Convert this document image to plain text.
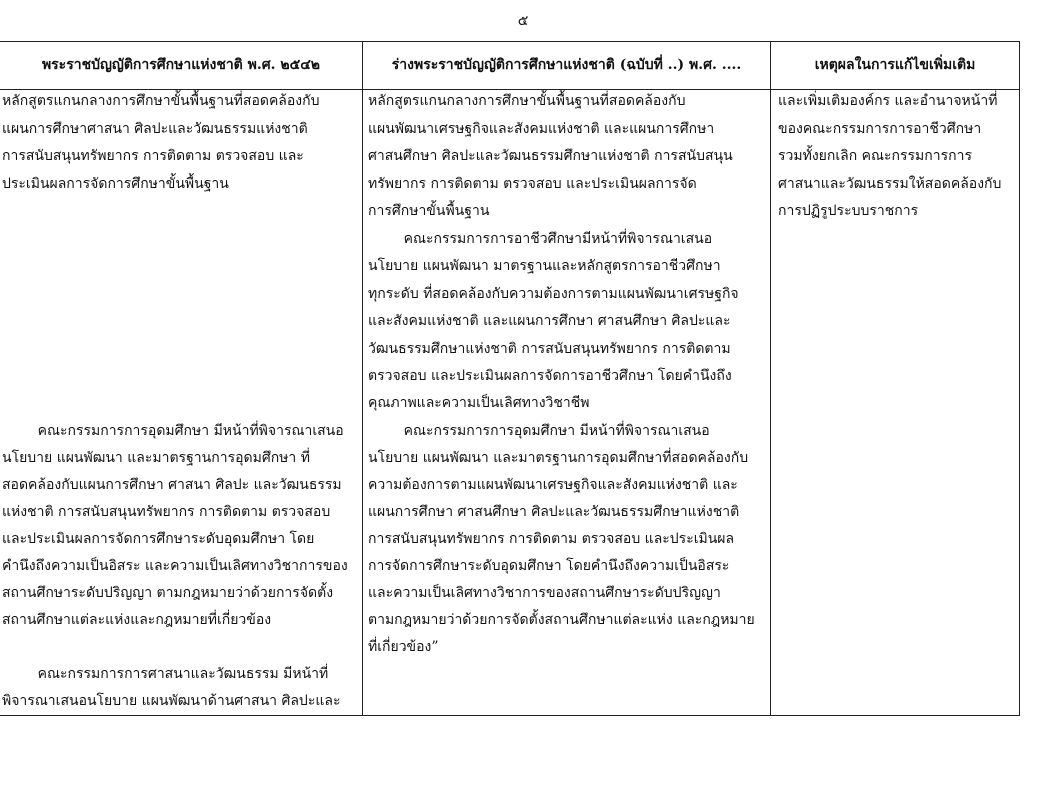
๕
พระราชบัญญัติการศึกษาแห่งชาติ พ.ศ. ๒๕๔๒	ร่างพระราชบัญญัติการศึกษาแห่งชาติ (ฉบับที่ ..) พ.ศ. ....	เหตุผลในการแก้ไขเพิ่มเติม
หลักสูตรแกนกลางการศึกษาขั้นพื้นฐานที่สอดคล้องกับ
แผนการศึกษาศาสนา ศิลปะและวัฒนธรรมแห่งชาติ
การสนับสนุนทรัพยากร การติดตาม ตรวจสอบ และ
ประเมินผลการจัดการศึกษาขั้นพื้นฐาน
คณะกรรมการการอุดมศึกษา มีหน้าที่พิจารณาเสนอ
นโยบาย แผนพัฒนา และมาตรฐานการอุดมศึกษา ที่
สอดคล้องกับแผนการศึกษา ศาสนา ศิลปะ และวัฒนธรรม
แห่งชาติ การสนับสนุนทรัพยากร การติดตาม ตรวจสอบ
และประเมินผลการจัดการศึกษาระดับอุดมศึกษา โดย
คำนึงถึงความเป็นอิสระ และความเป็นเลิศทางวิชาการของ
สถานศึกษาระดับปริญญา ตามกฎหมายว่าด้วยการจัดตั้ง
สถานศึกษาแต่ละแห่งและกฎหมายที่เกี่ยวข้อง
คณะกรรมการการศาสนาและวัฒนธรรม มีหน้าที่
พิจารณาเสนอนโยบาย แผนพัฒนาด้านศาสนา ศิลปะและ
หลักสูตรแกนกลางการศึกษาขั้นพื้นฐานที่สอดคล้องกับ
แผนพัฒนาเศรษฐกิจและสังคมแห่งชาติ และแผนการศึกษา
ศาสนศึกษา ศิลปะและวัฒนธรรมศึกษาแห่งชาติ การสนับสนุน
ทรัพยากร การติดตาม ตรวจสอบ และประเมินผลการจัด
การศึกษาขั้นพื้นฐาน
คณะกรรมการการอาชีวศึกษามีหน้าที่พิจารณาเสนอ
นโยบาย แผนพัฒนา มาตรฐานและหลักสูตรการอาชีวศึกษา
ทุกระดับ ที่สอดคล้องกับความต้องการตามแผนพัฒนาเศรษฐกิจ
และสังคมแห่งชาติ และแผนการศึกษา ศาสนศึกษา ศิลปะและ
วัฒนธรรมศึกษาแห่งชาติ การสนับสนุนทรัพยากร การติดตาม
ตรวจสอบ และประเมินผลการจัดการอาชีวศึกษา โดยคำนึงถึง
คุณภาพและความเป็นเลิศทางวิชาชีพ
คณะกรรมการการอุดมศึกษา มีหน้าที่พิจารณาเสนอ
นโยบาย แผนพัฒนา และมาตรฐานการอุดมศึกษาที่สอดคล้องกับ
ความต้องการตามแผนพัฒนาเศรษฐกิจและสังคมแห่งชาติ และ
แผนการศึกษา ศาสนศึกษา ศิลปะและวัฒนธรรมศึกษาแห่งชาติ
การสนับสนุนทรัพยากร การติดตาม ตรวจสอบ และประเมินผล
การจัดการศึกษาระดับอุดมศึกษา โดยคำนึงถึงความเป็นอิสระ
และความเป็นเลิศทางวิชาการของสถานศึกษาระดับปริญญา
ตามกฎหมายว่าด้วยการจัดตั้งสถานศึกษาแต่ละแห่ง และกฎหมาย
ที่เกี่ยวข้อง”
และเพิ่มเติมองค์กร และอำนาจหน้าที่
ของคณะกรรมการการอาชีวศึกษา
รวมทั้งยกเลิก คณะกรรมการการ
ศาสนาและวัฒนธรรมให้สอดคล้องกับ
การปฏิรูประบบราชการ
